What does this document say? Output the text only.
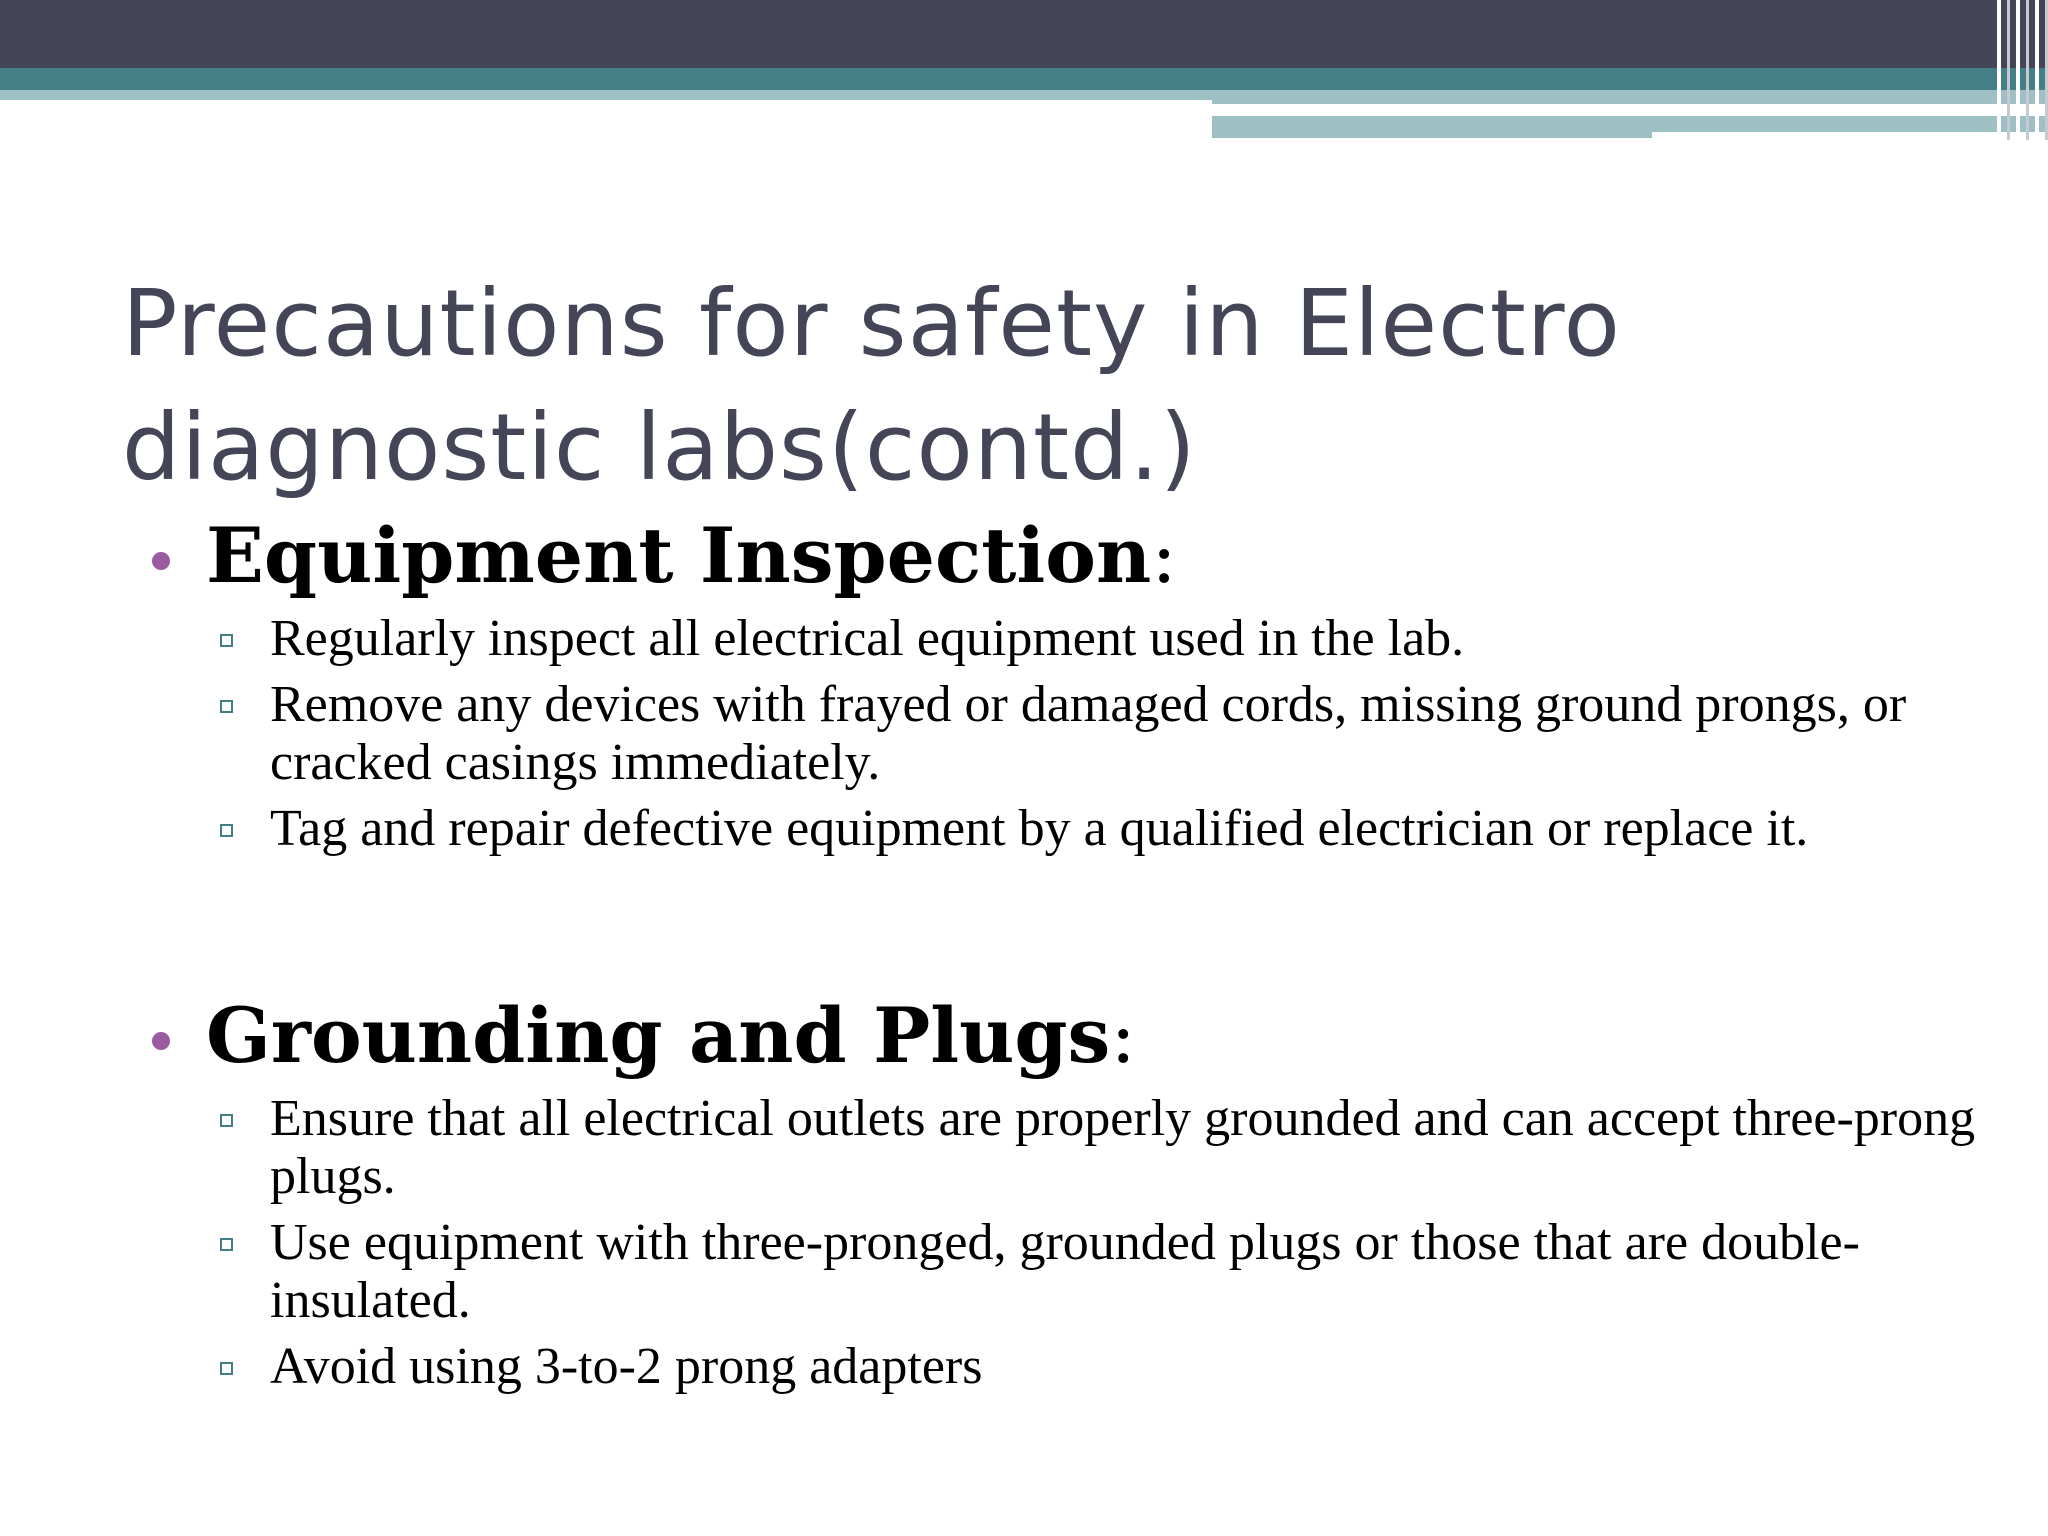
Precautions for safety in Electro diagnostic labs(contd.)
Equipment Inspection:
Regularly inspect all electrical equipment used in the lab.
Remove any devices with frayed or damaged cords, missing ground prongs, or cracked casings immediately.
Tag and repair defective equipment by a qualified electrician or replace it.
Grounding and Plugs:
Ensure that all electrical outlets are properly grounded and can accept three-prong plugs.
Use equipment with three-pronged, grounded plugs or those that are double-insulated.
Avoid using 3-to-2 prong adapters
